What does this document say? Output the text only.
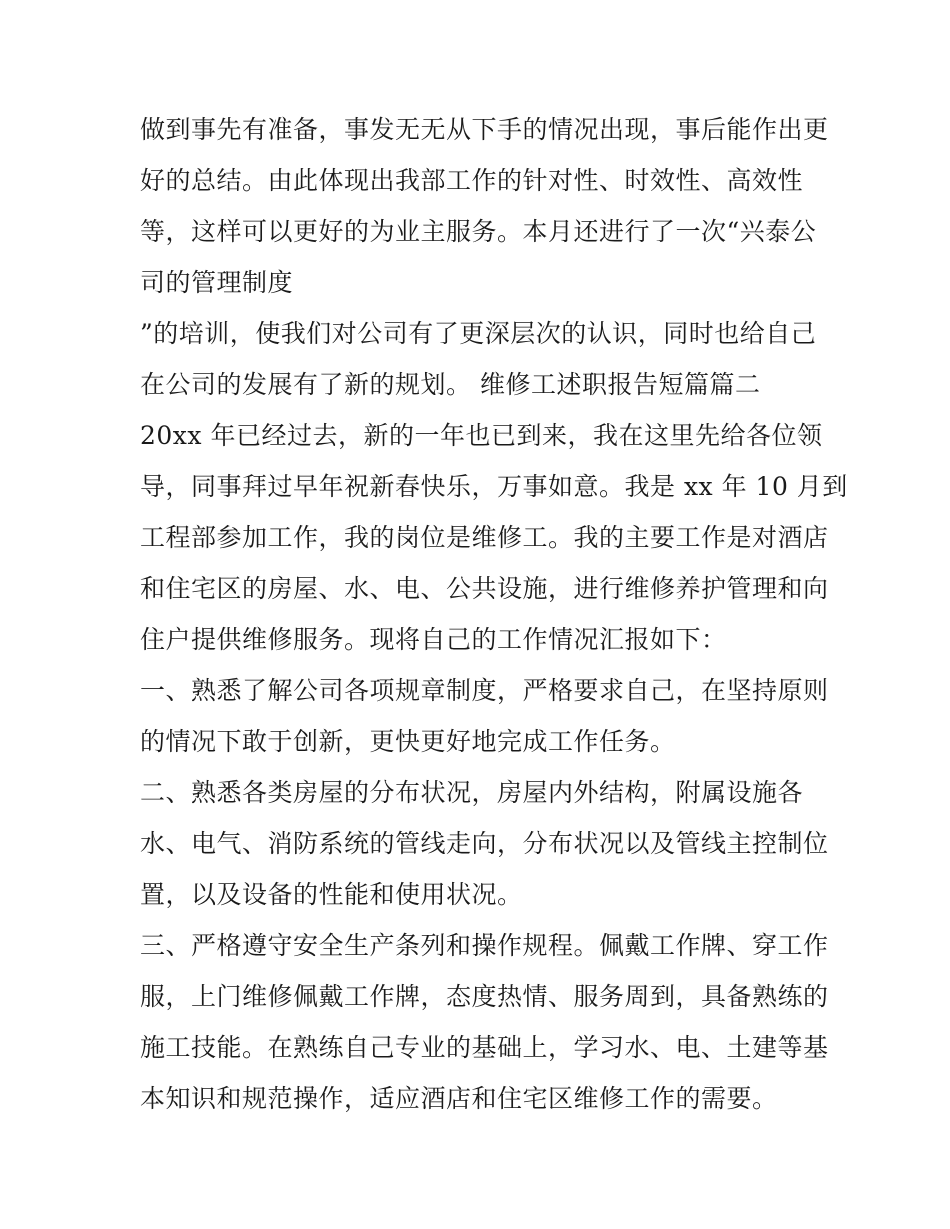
做到事先有准备，事发无无从下手的情况出现，事后能作出更
好的总结。由此体现出我部工作的针对性、时效性、高效性
等，这样可以更好的为业主服务。本月还进行了一次“兴泰公
司的管理制度
”的培训，使我们对公司有了更深层次的认识，同时也给自己
在公司的发展有了新的规划。 维修工述职报告短篇篇二
20xx 年已经过去，新的一年也已到来，我在这里先给各位领
导，同事拜过早年祝新春快乐，万事如意。我是 xx 年 10 月到
工程部参加工作，我的岗位是维修工。我的主要工作是对酒店
和住宅区的房屋、水、电、公共设施，进行维修养护管理和向
住户提供维修服务。现将自己的工作情况汇报如下：
一、熟悉了解公司各项规章制度，严格要求自己，在坚持原则
的情况下敢于创新，更快更好地完成工作任务。
二、熟悉各类房屋的分布状况，房屋内外结构，附属设施各
水、电气、消防系统的管线走向，分布状况以及管线主控制位
置，以及设备的性能和使用状况。
三、严格遵守安全生产条列和操作规程。佩戴工作牌、穿工作
服，上门维修佩戴工作牌，态度热情、服务周到，具备熟练的
施工技能。在熟练自己专业的基础上，学习水、电、土建等基
本知识和规范操作，适应酒店和住宅区维修工作的需要。
